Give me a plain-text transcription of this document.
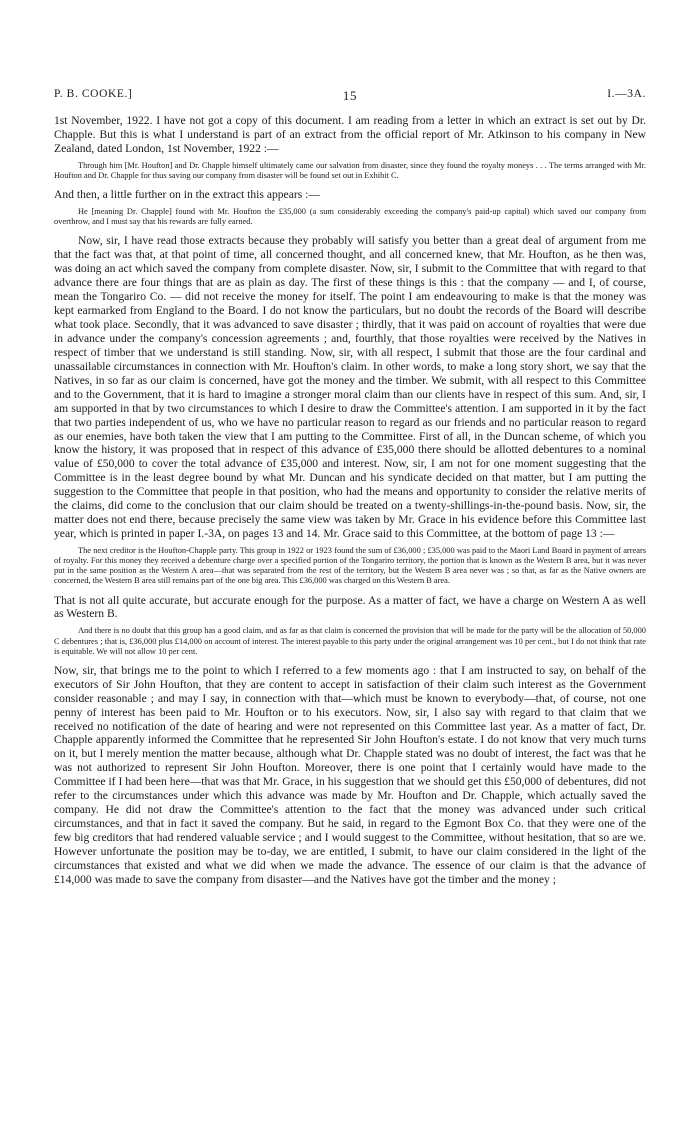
P. B. COOKE.]	15	I.—3A.

1st November, 1922. I have not got a copy of this document. I am reading from a letter in which an extract is set out by Dr. Chapple. But this is what I understand is part of an extract from the official report of Mr. Atkinson to his company in New Zealand, dated London, 1st November, 1922 :—

Through him [Mr. Houfton] and Dr. Chapple himself ultimately came our salvation from disaster, since they found the royalty moneys . . . The terms arranged with Mr. Houfton and Dr. Chapple for thus saving our company from disaster will be found set out in Exhibit C.

And then, a little further on in the extract this appears :—

He [meaning Dr. Chapple] found with Mr. Houfton the £35,000 (a sum considerably exceeding the company's paid-up capital) which saved our company from overthrow, and I must say that his rewards are fully earned.

Now, sir, I have read those extracts because they probably will satisfy you better than a great deal of argument from me that the fact was that, at that point of time, all concerned thought, and all concerned knew, that Mr. Houfton, as he then was, was doing an act which saved the company from complete disaster. Now, sir, I submit to the Committee that with regard to that advance there are four things that are as plain as day. The first of these things is this : that the company — and I, of course, mean the Tongariro Co. — did not receive the money for itself. The point I am endeavouring to make is that the money was kept earmarked from England to the Board. I do not know the particulars, but no doubt the records of the Board will describe what took place. Secondly, that it was advanced to save disaster ; thirdly, that it was paid on account of royalties that were due in advance under the company's concession agreements ; and, fourthly, that those royalties were received by the Natives in respect of timber that we understand is still standing. Now, sir, with all respect, I submit that those are the four cardinal and unassailable circumstances in connection with Mr. Houfton's claim. In other words, to make a long story short, we say that the Natives, in so far as our claim is concerned, have got the money and the timber. We submit, with all respect to this Committee and to the Government, that it is hard to imagine a stronger moral claim than our clients have in respect of this sum. And, sir, I am supported in that by two circumstances to which I desire to draw the Committee's attention. I am supported in it by the fact that two parties independent of us, who we have no particular reason to regard as our friends and no particular reason to regard as our enemies, have both taken the view that I am putting to the Committee. First of all, in the Duncan scheme, of which you know the history, it was proposed that in respect of this advance of £35,000 there should be allotted debentures to a nominal value of £50,000 to cover the total advance of £35,000 and interest. Now, sir, I am not for one moment suggesting that the Committee is in the least degree bound by what Mr. Duncan and his syndicate decided on that matter, but I am putting the suggestion to the Committee that people in that position, who had the means and opportunity to consider the relative merits of the claims, did come to the conclusion that our claim should be treated on a twenty-shillings-in-the-pound basis. Now, sir, the matter does not end there, because precisely the same view was taken by Mr. Grace in his evidence before this Committee last year, which is printed in paper I.-3A, on pages 13 and 14. Mr. Grace said to this Committee, at the bottom of page 13 :—

The next creditor is the Houfton-Chapple party. This group in 1922 or 1923 found the sum of £36,000 ; £35,000 was paid to the Maori Land Board in payment of arrears of royalty. For this money they received a debenture charge over a specified portion of the Tongariro territory, the portion that is known as the Western B area, but it was never put in the same position as the Western A area—that was separated from the rest of the territory, but the Western B area never was ; so that, as far as the Native owners are concerned, the Western B area still remains part of the one big area. This £36,000 was charged on this Western B area.

That is not all quite accurate, but accurate enough for the purpose. As a matter of fact, we have a charge on Western A as well as Western B.

And there is no doubt that this group has a good claim, and as far as that claim is concerned the provision that will be made for the party will be the allocation of 50,000 C debentures ; that is, £36,000 plus £14,000 on account of interest. The interest payable to this party under the original arrangement was 10 per cent., but I do not think that rate is equitable. We will not allow 10 per cent.

Now, sir, that brings me to the point to which I referred to a few moments ago : that I am instructed to say, on behalf of the executors of Sir John Houfton, that they are content to accept in satisfaction of their claim such interest as the Government consider reasonable ; and may I say, in connection with that—which must be known to everybody—that, of course, not one penny of interest has been paid to Mr. Houfton or to his executors. Now, sir, I also say with regard to that claim that we received no notification of the date of hearing and were not represented on this Committee last year. As a matter of fact, Dr. Chapple apparently informed the Committee that he represented Sir John Houfton's estate. I do not know that very much turns on it, but I merely mention the matter because, although what Dr. Chapple stated was no doubt of interest, the fact was that he was not authorized to represent Sir John Houfton. Moreover, there is one point that I certainly would have made to the Committee if I had been here—that was that Mr. Grace, in his suggestion that we should get this £50,000 of debentures, did not refer to the circumstances under which this advance was made by Mr. Houfton and Dr. Chapple, which actually saved the company. He did not draw the Committee's attention to the fact that the money was advanced under such critical circumstances, and that in fact it saved the company. But he said, in regard to the Egmont Box Co. that they were one of the few big creditors that had rendered valuable service ; and I would suggest to the Committee, without hesitation, that so are we. However unfortunate the position may be to-day, we are entitled, I submit, to have our claim considered in the light of the circumstances that existed and what we did when we made the advance. The essence of our claim is that the advance of £14,000 was made to save the company from disaster—and the Natives have got the timber and the money ;
